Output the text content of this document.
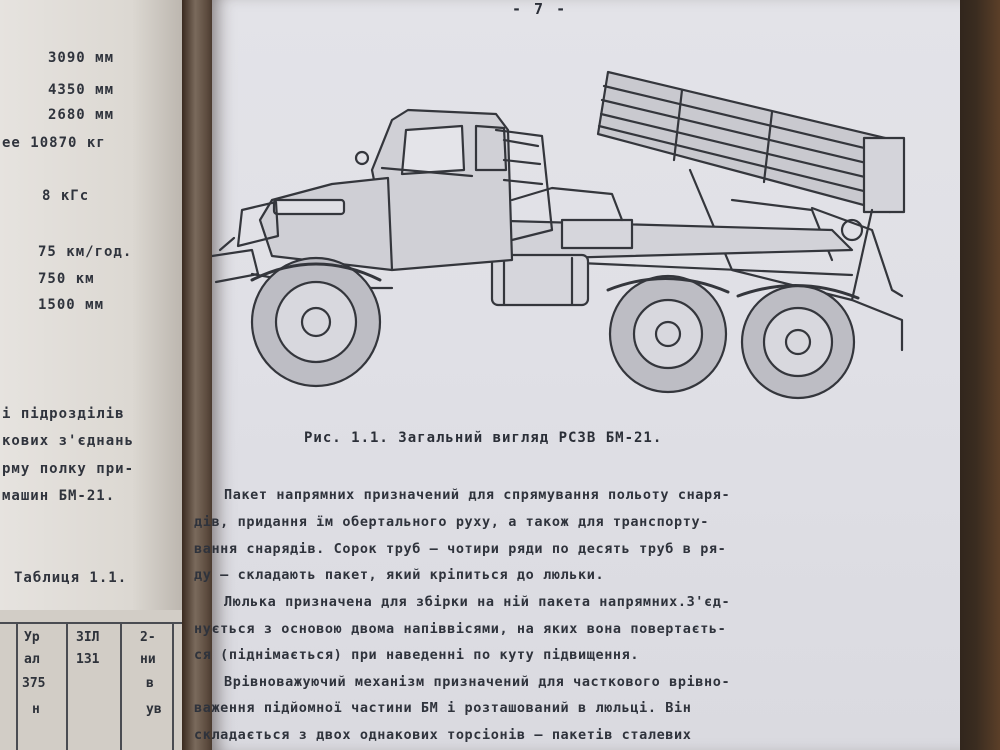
3090 мм
4350 мм
2680 мм
ее 10870 кг
8 кГс
75 км/год.
750 км
1500 мм
і підрозділів
кових з'єднань
рму полку при-
машин БМ-21.
Таблиця 1.1.
Ур
ал
375
н
ЗІЛ
131
2-
ни
в
ув
- 7 -
Рис. 1.1. Загальний вигляд РСЗВ БМ-21.
Пакет напрямних призначений для спрямування польоту снаря-
дів, придання їм обертального руху, а також для транспорту-
вання снарядів. Сорок труб – чотири ряди по десять труб в ря-
ду – складають пакет, який кріпиться до люльки.
Люлька призначена для збірки на ній пакета напрямних.З'єд-
нується з основою двома напіввісями, на яких вона повертаєть-
ся (піднімається) при наведенні по куту підвищення.
Врівноважуючий механізм призначений для часткового врівно-
важення підйомної частини БМ і розташований в люльці. Він
складається з двох однакових торсіонів – пакетів сталевих
